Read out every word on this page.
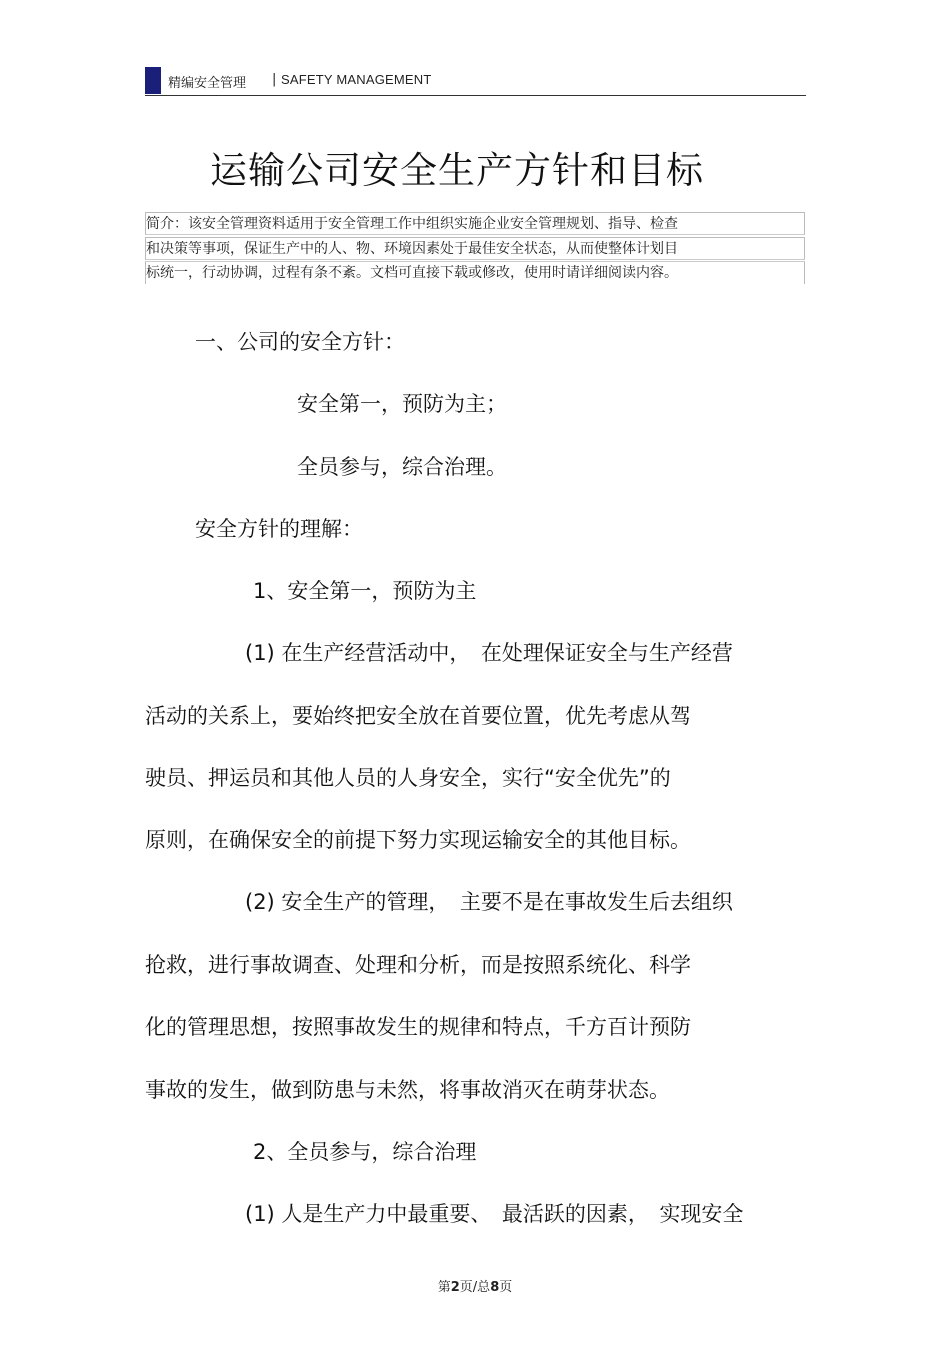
精编安全管理 | SAFETY MANAGEMENT
运输公司安全生产方针和目标
简介：该安全管理资料适用于安全管理工作中组织实施企业安全管理规划、指导、检查
和决策等事项，保证生产中的人、物、环境因素处于最佳安全状态，从而使整体计划目
标统一，行动协调，过程有条不紊。文档可直接下载或修改，使用时请详细阅读内容。
一、公司的安全方针：
安全第一，预防为主；
全员参与，综合治理。
安全方针的理解：
1、安全第一，预防为主
(1) 在生产经营活动中，　在处理保证安全与生产经营
活动的关系上，要始终把安全放在首要位置，优先考虑从驾
驶员、押运员和其他人员的人身安全，实行“安全优先”的
原则，在确保安全的前提下努力实现运输安全的其他目标。
(2) 安全生产的管理，　主要不是在事故发生后去组织
抢救，进行事故调查、处理和分析，而是按照系统化、科学
化的管理思想，按照事故发生的规律和特点，千方百计预防
事故的发生，做到防患与未然，将事故消灭在萌芽状态。
2、全员参与，综合治理
(1) 人是生产力中最重要、　最活跃的因素，　实现安全
第2页/总8页
